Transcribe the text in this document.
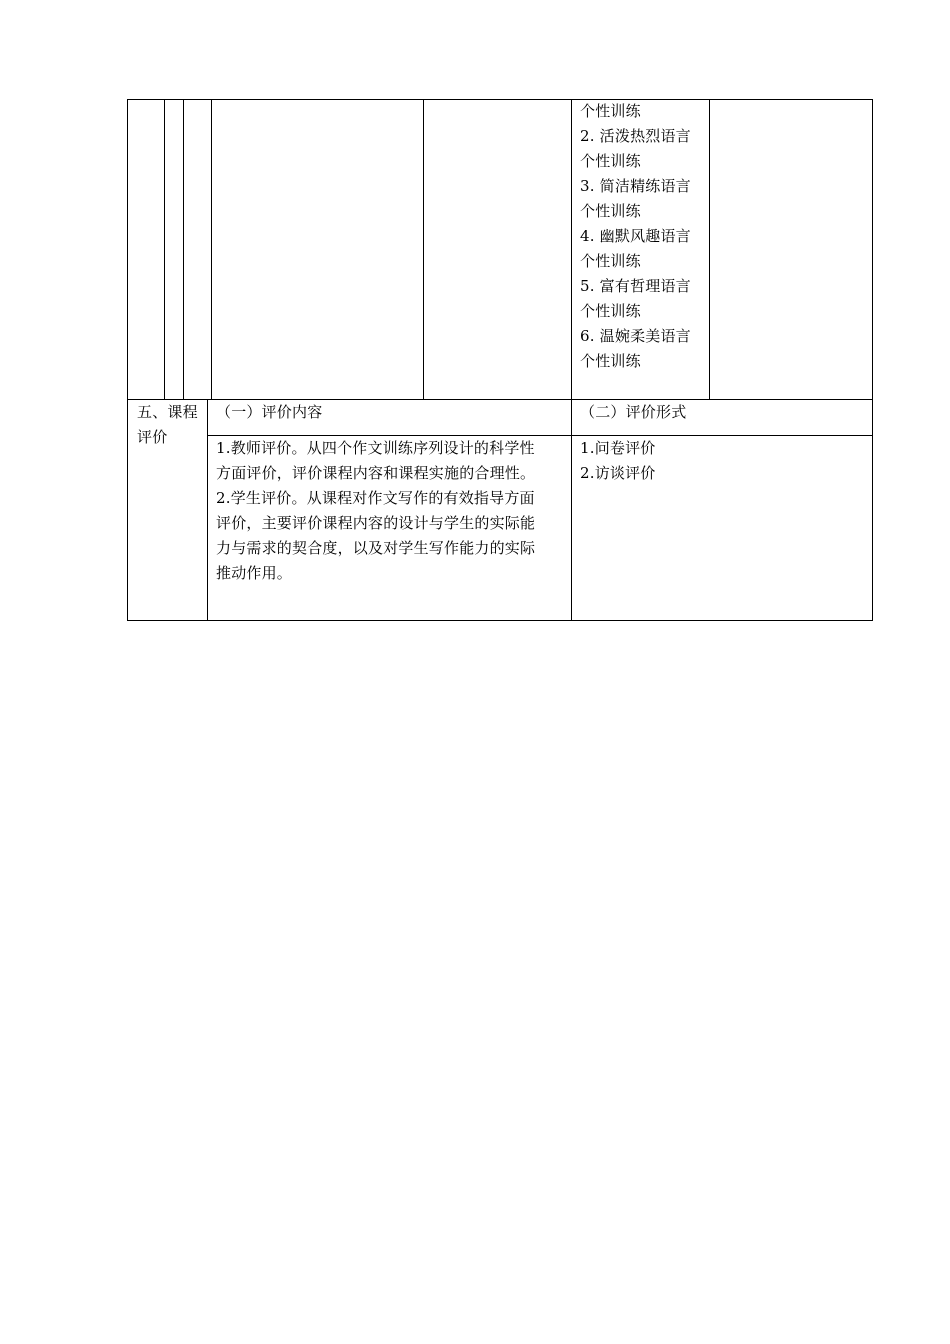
个性训练
2. 活泼热烈语言
个性训练
3. 简洁精练语言
个性训练
4. 幽默风趣语言
个性训练
5. 富有哲理语言
个性训练
6. 温婉柔美语言
个性训练
五、课程
评价
（一）评价内容	（二）评价形式
1.教师评价。从四个作文训练序列设计的科学性
方面评价，评价课程内容和课程实施的合理性。
2.学生评价。从课程对作文写作的有效指导方面
评价，主要评价课程内容的设计与学生的实际能
力与需求的契合度，以及对学生写作能力的实际
推动作用。
1.问卷评价
2.访谈评价
